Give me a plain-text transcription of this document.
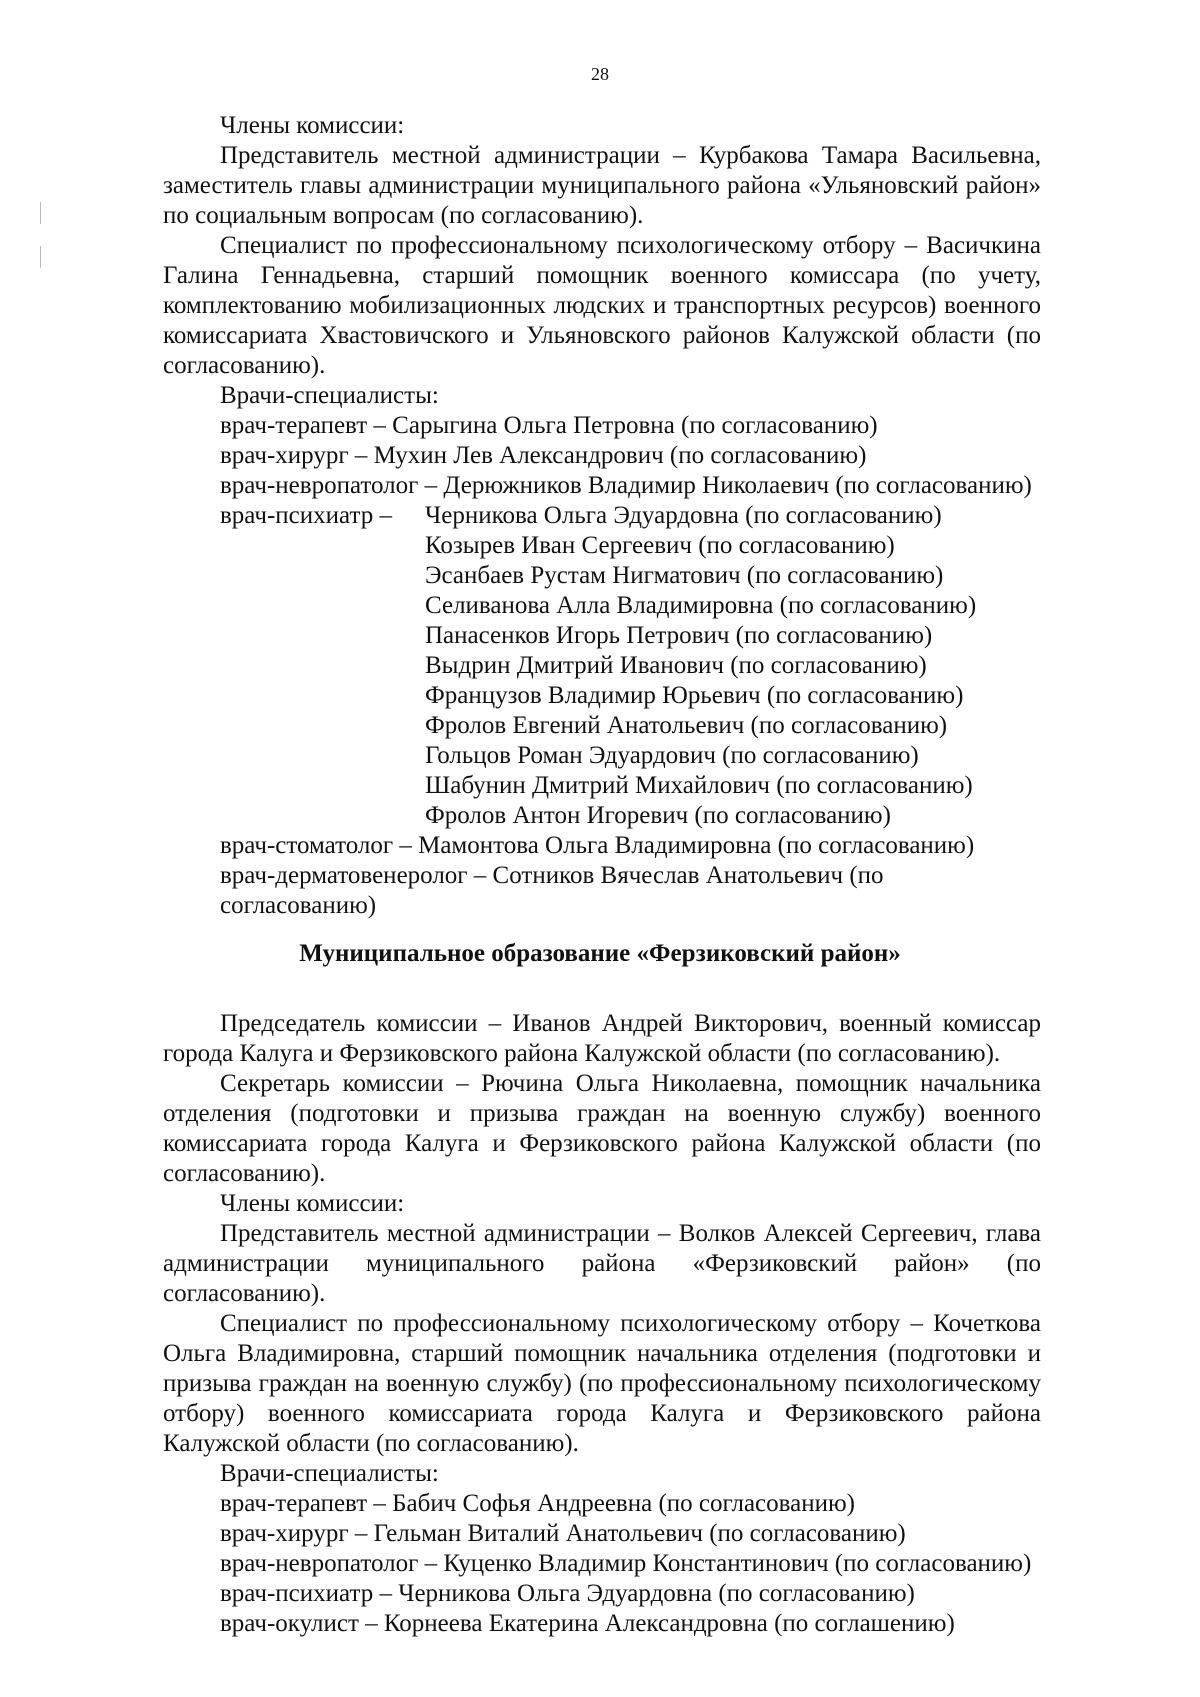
28

Члены комиссии:

Представитель местной администрации – Курбакова Тамара Васильевна, заместитель главы администрации муниципального района «Ульяновский район» по социальным вопросам (по согласованию).

Специалист по профессиональному психологическому отбору – Васичкина Галина Геннадьевна, старший помощник военного комиссара (по учету, комплектованию мобилизационных людских и транспортных ресурсов) военного комиссариата Хвастовичского и Ульяновского районов Калужской области (по согласованию).

Врачи-специалисты:

врач-терапевт – Сарыгина Ольга Петровна (по согласованию)

врач-хирург – Мухин Лев Александрович (по согласованию)

врач-невропатолог – Дерюжников Владимир Николаевич (по согласованию)

врач-психиатр –	Черникова Ольга Эдуардовна (по согласованию)
Козырев Иван Сергеевич (по согласованию)
Эсанбаев Рустам Нигматович (по согласованию)
Селиванова Алла Владимировна (по согласованию)
Панасенков Игорь Петрович (по согласованию)
Выдрин Дмитрий Иванович (по согласованию)
Французов Владимир Юрьевич (по согласованию)
Фролов Евгений Анатольевич (по согласованию)
Гольцов Роман Эдуардович (по согласованию)
Шабунин Дмитрий Михайлович (по согласованию)
Фролов Антон Игоревич (по согласованию)

врач-стоматолог – Мамонтова Ольга Владимировна (по согласованию)

врач-дерматовенеролог – Сотников Вячеслав Анатольевич (по согласованию)

Муниципальное образование «Ферзиковский район»

Председатель комиссии – Иванов Андрей Викторович, военный комиссар города Калуга и Ферзиковского района Калужской области (по согласованию).

Секретарь комиссии – Рючина Ольга Николаевна, помощник начальника отделения (подготовки и призыва граждан на военную службу) военного комиссариата города Калуга и Ферзиковского района Калужской области (по согласованию).

Члены комиссии:

Представитель местной администрации – Волков Алексей Сергеевич, глава администрации муниципального района «Ферзиковский район» (по согласованию).

Специалист по профессиональному психологическому отбору – Кочеткова Ольга Владимировна, старший помощник начальника отделения (подготовки и призыва граждан на военную службу) (по профессиональному психологическому отбору) военного комиссариата города Калуга и Ферзиковского района Калужской области (по согласованию).

Врачи-специалисты:

врач-терапевт – Бабич Софья Андреевна (по согласованию)

врач-хирург – Гельман Виталий Анатольевич (по согласованию)

врач-невропатолог – Куценко Владимир Константинович (по согласованию)

врач-психиатр – Черникова Ольга Эдуардовна (по согласованию)

врач-окулист – Корнеева Екатерина Александровна (по соглашению)
